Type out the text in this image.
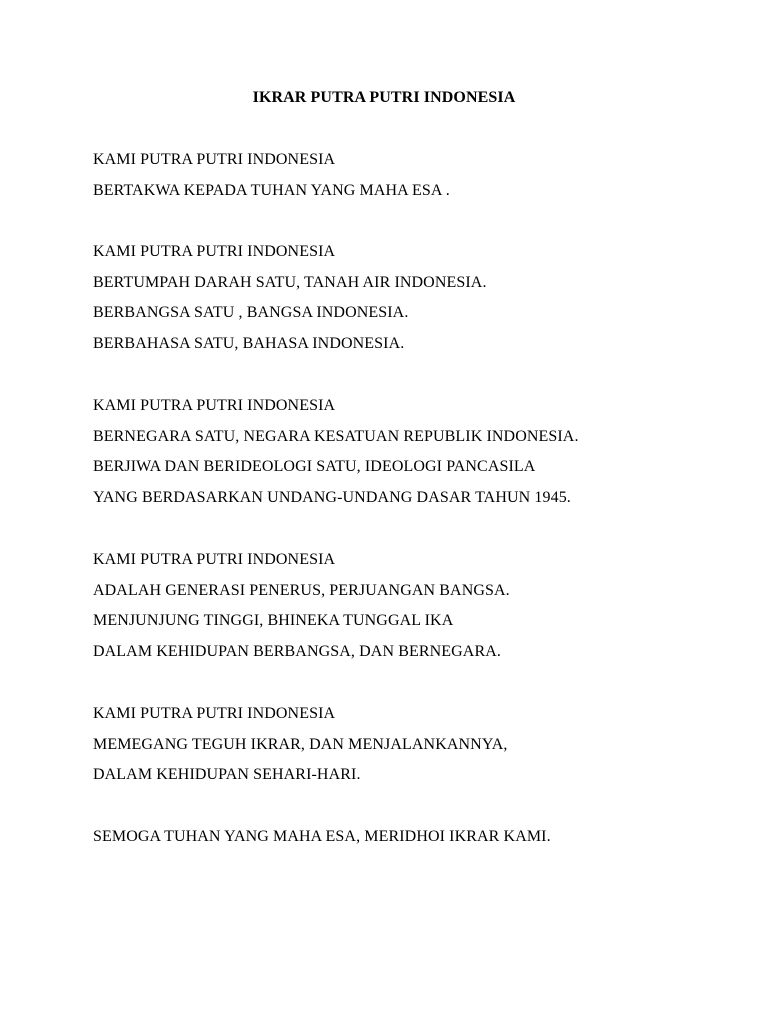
IKRAR PUTRA PUTRI INDONESIA
KAMI PUTRA PUTRI INDONESIA
BERTAKWA KEPADA TUHAN YANG MAHA ESA .
KAMI PUTRA PUTRI INDONESIA
BERTUMPAH DARAH SATU, TANAH AIR INDONESIA.
BERBANGSA SATU , BANGSA INDONESIA.
BERBAHASA SATU, BAHASA INDONESIA.
KAMI PUTRA PUTRI INDONESIA
BERNEGARA SATU, NEGARA KESATUAN REPUBLIK INDONESIA.
BERJIWA DAN BERIDEOLOGI SATU, IDEOLOGI PANCASILA
YANG BERDASARKAN UNDANG-UNDANG DASAR TAHUN 1945.
KAMI PUTRA PUTRI INDONESIA
ADALAH GENERASI PENERUS, PERJUANGAN BANGSA.
MENJUNJUNG TINGGI, BHINEKA TUNGGAL IKA
DALAM KEHIDUPAN BERBANGSA, DAN BERNEGARA.
KAMI PUTRA PUTRI INDONESIA
MEMEGANG TEGUH IKRAR, DAN MENJALANKANNYA,
DALAM KEHIDUPAN SEHARI-HARI.
SEMOGA TUHAN YANG MAHA ESA, MERIDHOI IKRAR KAMI.
